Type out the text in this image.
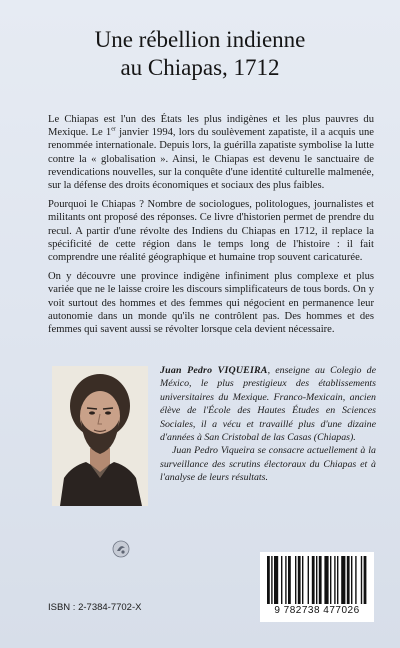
Une rébellion indienne
au Chiapas, 1712

Le Chiapas est l'un des États les plus indigènes et les plus pauvres du Mexique. Le 1er janvier 1994, lors du soulèvement zapatiste, il a acquis une renommée internationale. Depuis lors, la guérilla zapatiste symbolise la lutte contre la « globalisation ». Ainsi, le Chiapas est devenu le sanctuaire de revendications nouvelles, sur la conquête d'une identité culturelle malmenée, sur la défense des droits économiques et sociaux des plus faibles.

Pourquoi le Chiapas ? Nombre de sociologues, politologues, journalistes et militants ont proposé des réponses. Ce livre d'historien permet de prendre du recul. A partir d'une révolte des Indiens du Chiapas en 1712, il replace la spécificité de cette région dans le temps long de l'histoire : il fait comprendre une réalité géographique et humaine trop souvent caricaturée.

On y découvre une province indigène infiniment plus complexe et plus variée que ne le laisse croire les discours simplificateurs de tous bords. On y voit surtout des hommes et des femmes qui négocient en permanence leur autonomie dans un monde qu'ils ne contrôlent pas. Des hommes et des femmes qui savent aussi se révolter lorsque cela devient nécessaire.

Juan Pedro VIQUEIRA, enseigne au Colegio de México, le plus prestigieux des établissements universitaires du Mexique. Franco-Mexicain, ancien élève de l'École des Hautes Études en Sciences Sociales, il a vécu et travaillé plus d'une dizaine d'années à San Cristobal de las Casas (Chiapas).

Juan Pedro Viqueira se consacre actuellement à la surveillance des scrutins électoraux du Chiapas et à l'analyse de leurs résultats.

ISBN : 2-7384-7702-X	9 782738 477026
